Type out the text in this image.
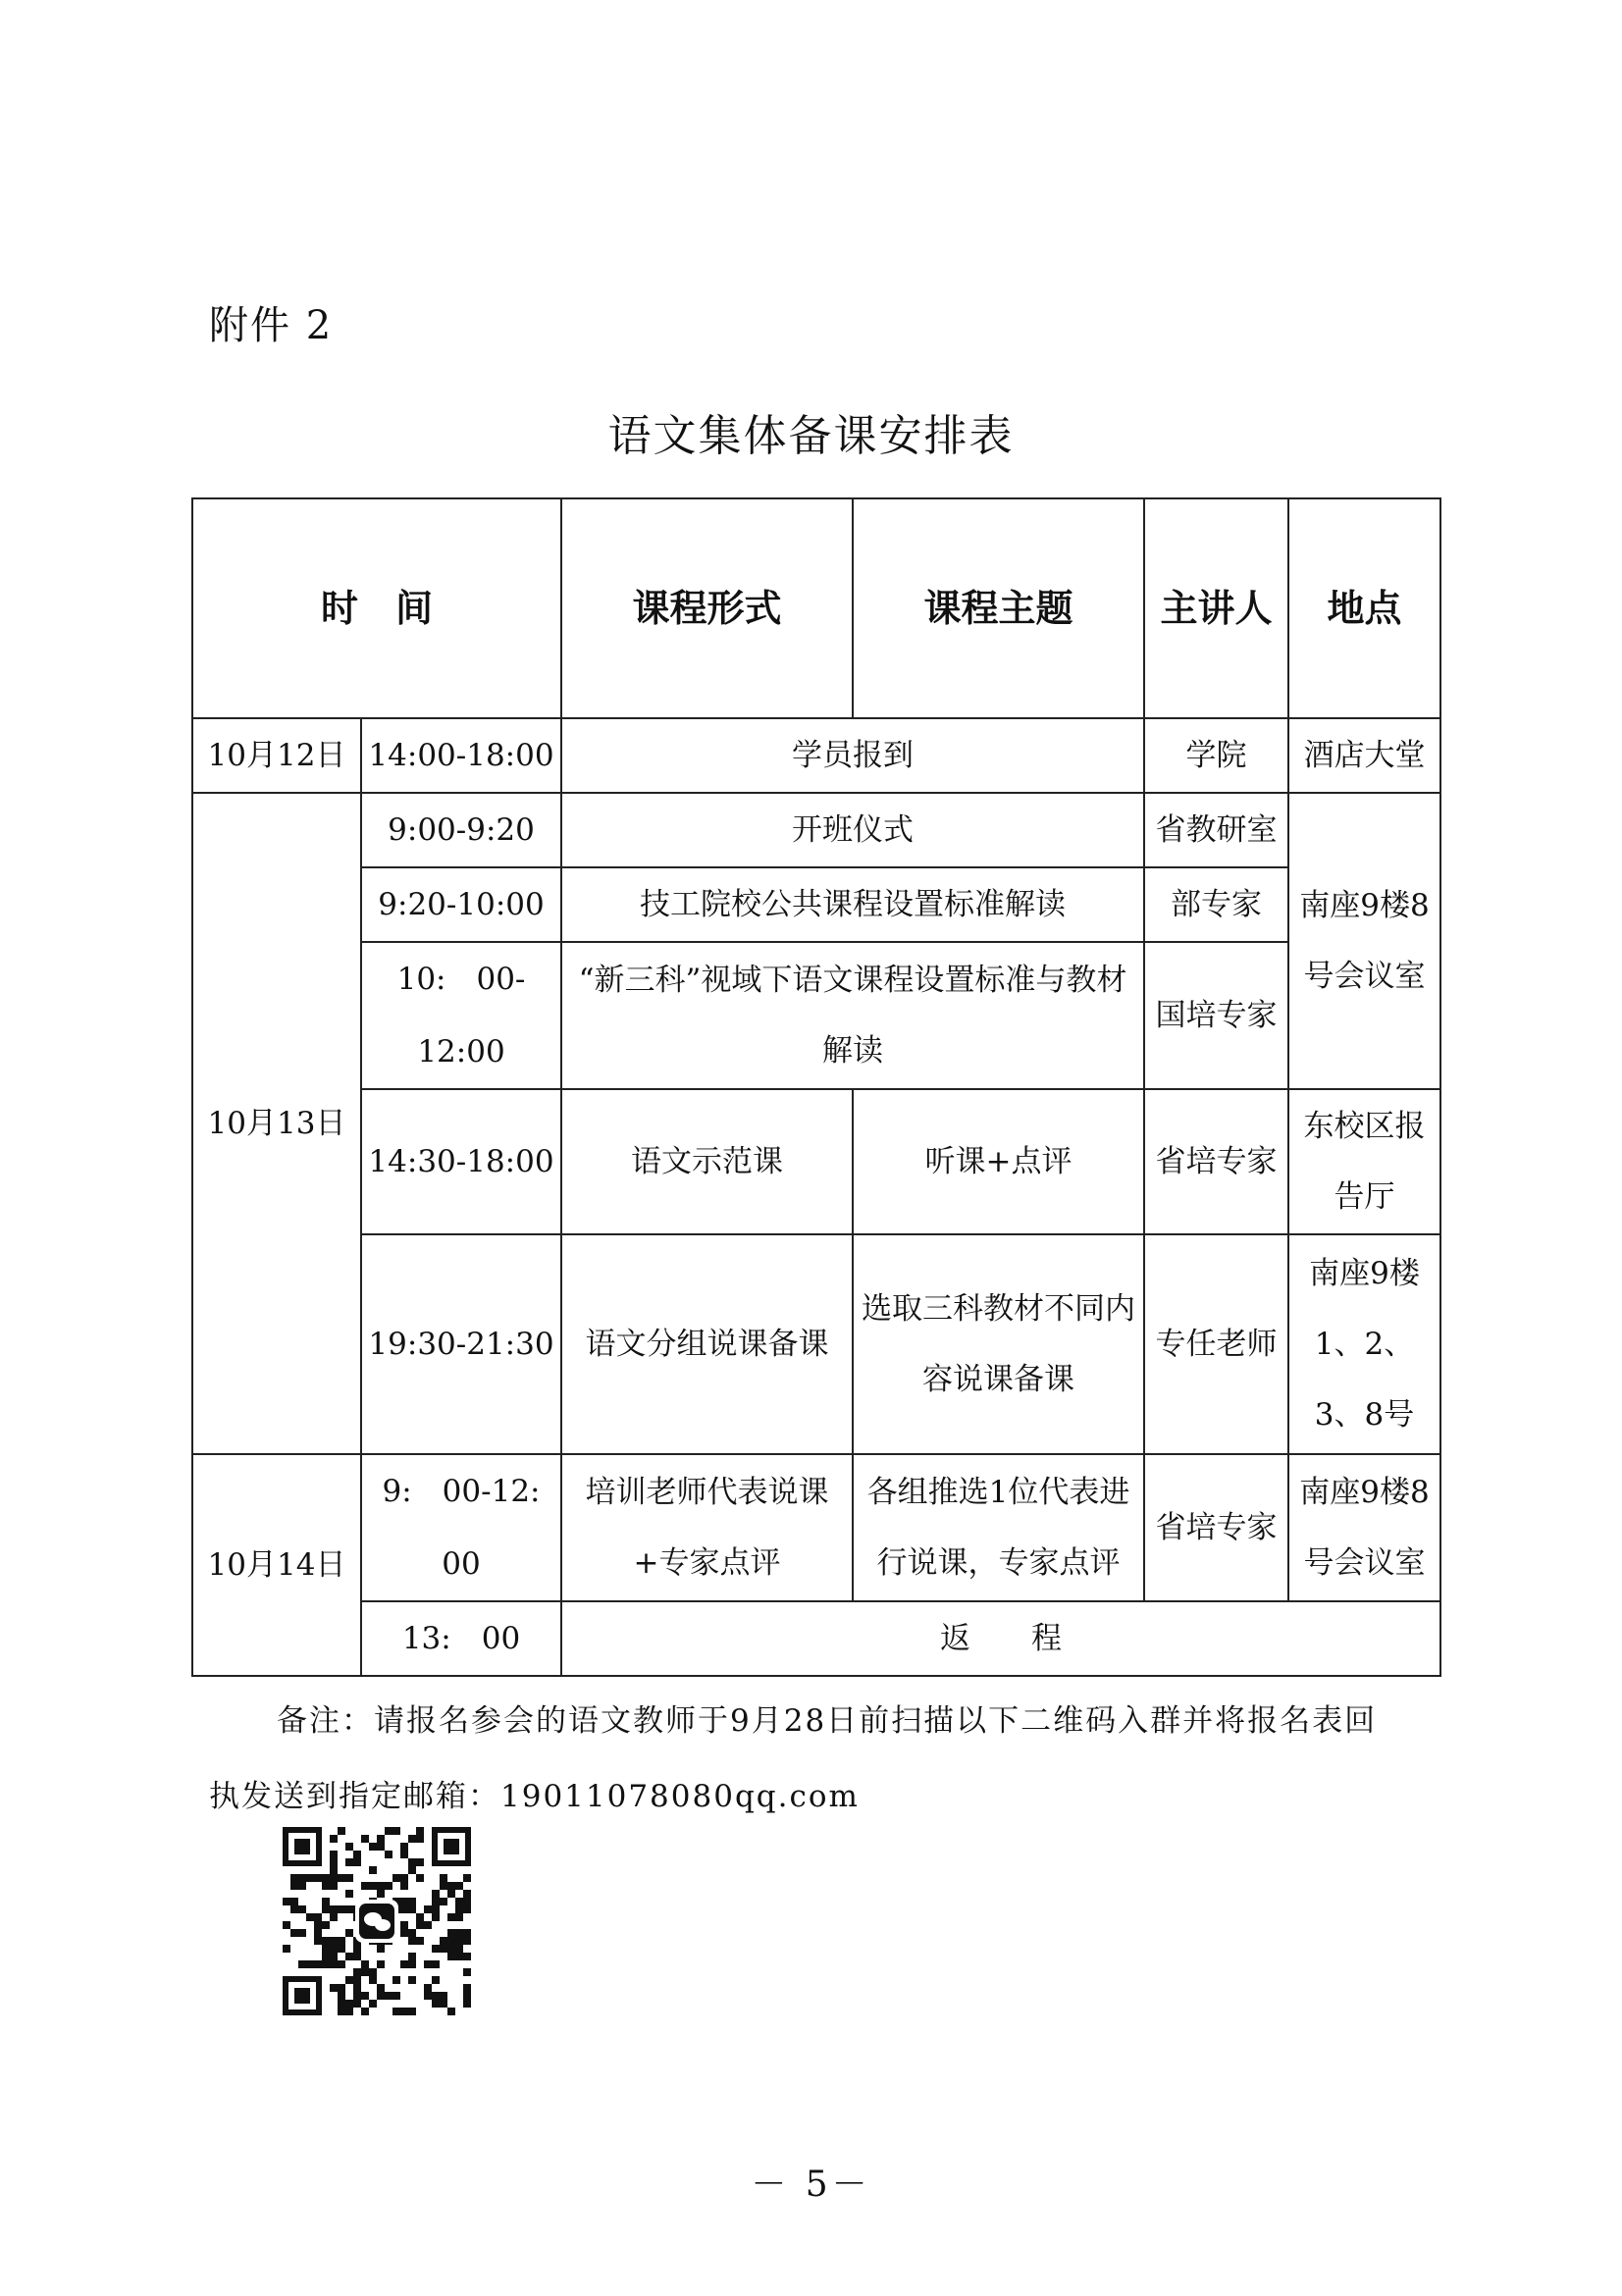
附件 2
语文集体备课安排表
时　间		课程形式	课程主题	主讲人	地点
10月12日	14:00-18:00	学员报到		学院	酒店大堂
10月13日	9:00-9:20	开班仪式		省教研室	南座9楼8号会议室
	9:20-10:00	技工院校公共课程设置标准解读		部专家	
	10:　00-12:00	“新三科”视域下语文课程设置标准与教材解读		国培专家	
	14:30-18:00	语文示范课	听课+点评	省培专家	东校区报告厅
	19:30-21:30	语文分组说课备课	选取三科教材不同内容说课备课	专任老师	南座9楼1、2、3、8号
10月14日	9:　00-12:　00	培训老师代表说课+专家点评	各组推选1位代表进行说课，专家点评	省培专家	南座9楼8号会议室
	13:　00	返　　程			
备注：请报名参会的语文教师于9月28日前扫描以下二维码入群并将报名表回
执发送到指定邮箱：19011078080qq.com
－ 5－
